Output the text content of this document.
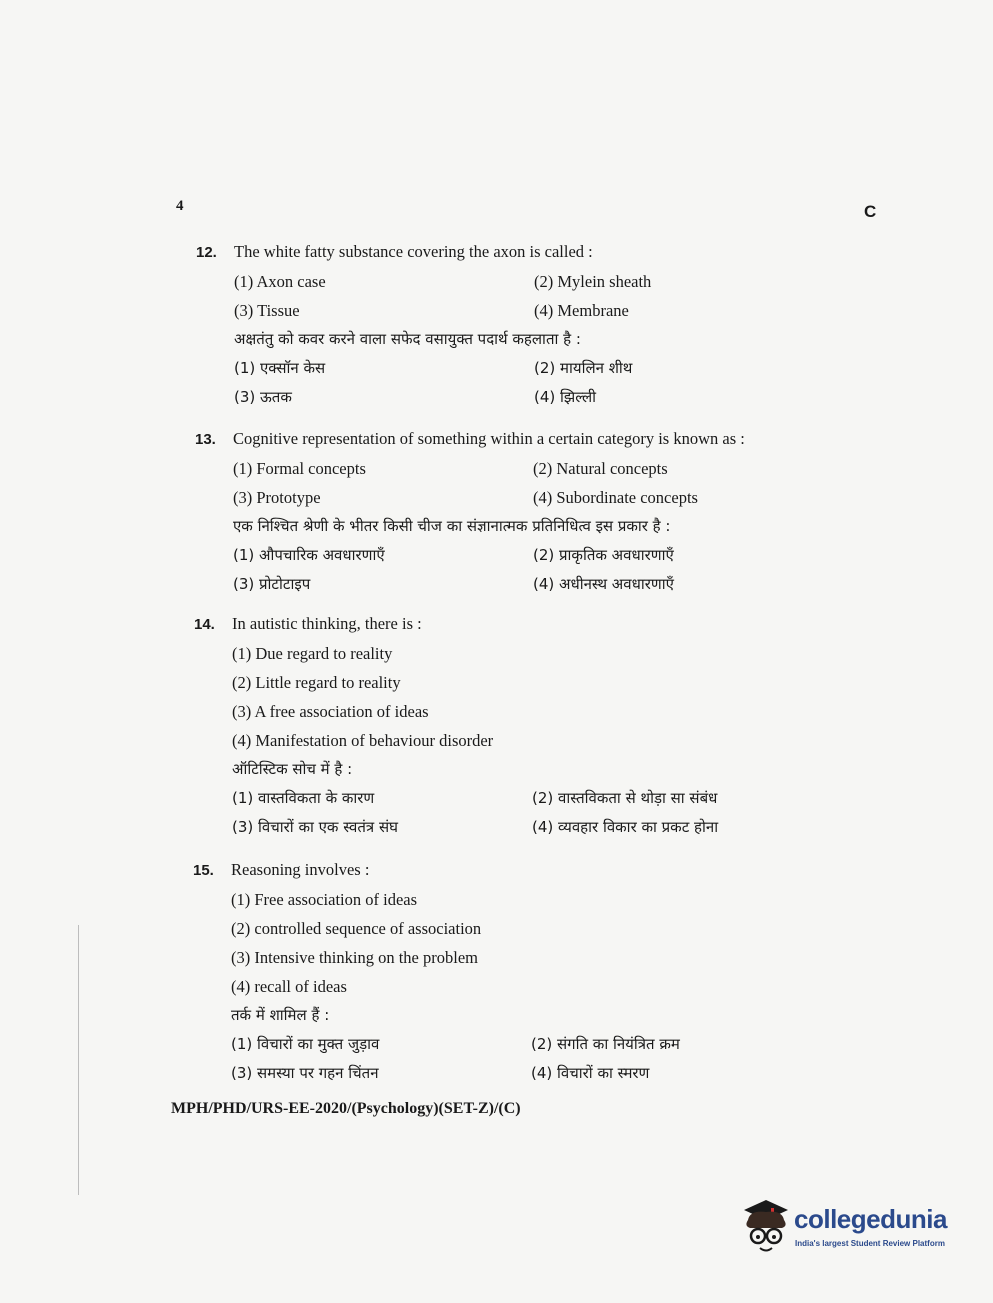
4	C
12. The white fatty substance covering the axon is called :
(1) Axon case	(2) Mylein sheath
(3) Tissue	(4) Membrane
अक्षतंतु को कवर करने वाला सफेद वसायुक्त पदार्थ कहलाता है :
(1) एक्सॉन केस	(2) मायलिन शीथ
(3) ऊतक	(4) झिल्ली
13. Cognitive representation of something within a certain category is known as :
(1) Formal concepts	(2) Natural concepts
(3) Prototype	(4) Subordinate concepts
एक निश्चित श्रेणी के भीतर किसी चीज का संज्ञानात्मक प्रतिनिधित्व इस प्रकार है :
(1) औपचारिक अवधारणाएँ	(2) प्राकृतिक अवधारणाएँ
(3) प्रोटोटाइप	(4) अधीनस्थ अवधारणाएँ
14. In autistic thinking, there is :
(1) Due regard to reality
(2) Little regard to reality
(3) A free association of ideas
(4) Manifestation of behaviour disorder
ऑटिस्टिक सोच में है :
(1) वास्तविकता के कारण	(2) वास्तविकता से थोड़ा सा संबंध
(3) विचारों का एक स्वतंत्र संघ	(4) व्यवहार विकार का प्रकट होना
15. Reasoning involves :
(1) Free association of ideas
(2) controlled sequence of association
(3) Intensive thinking on the problem
(4) recall of ideas
तर्क में शामिल हैं :
(1) विचारों का मुक्त जुड़ाव	(2) संगति का नियंत्रित क्रम
(3) समस्या पर गहन चिंतन	(4) विचारों का स्मरण
MPH/PHD/URS-EE-2020/(Psychology)(SET-Z)/(C)
collegedunia
India's largest Student Review Platform
